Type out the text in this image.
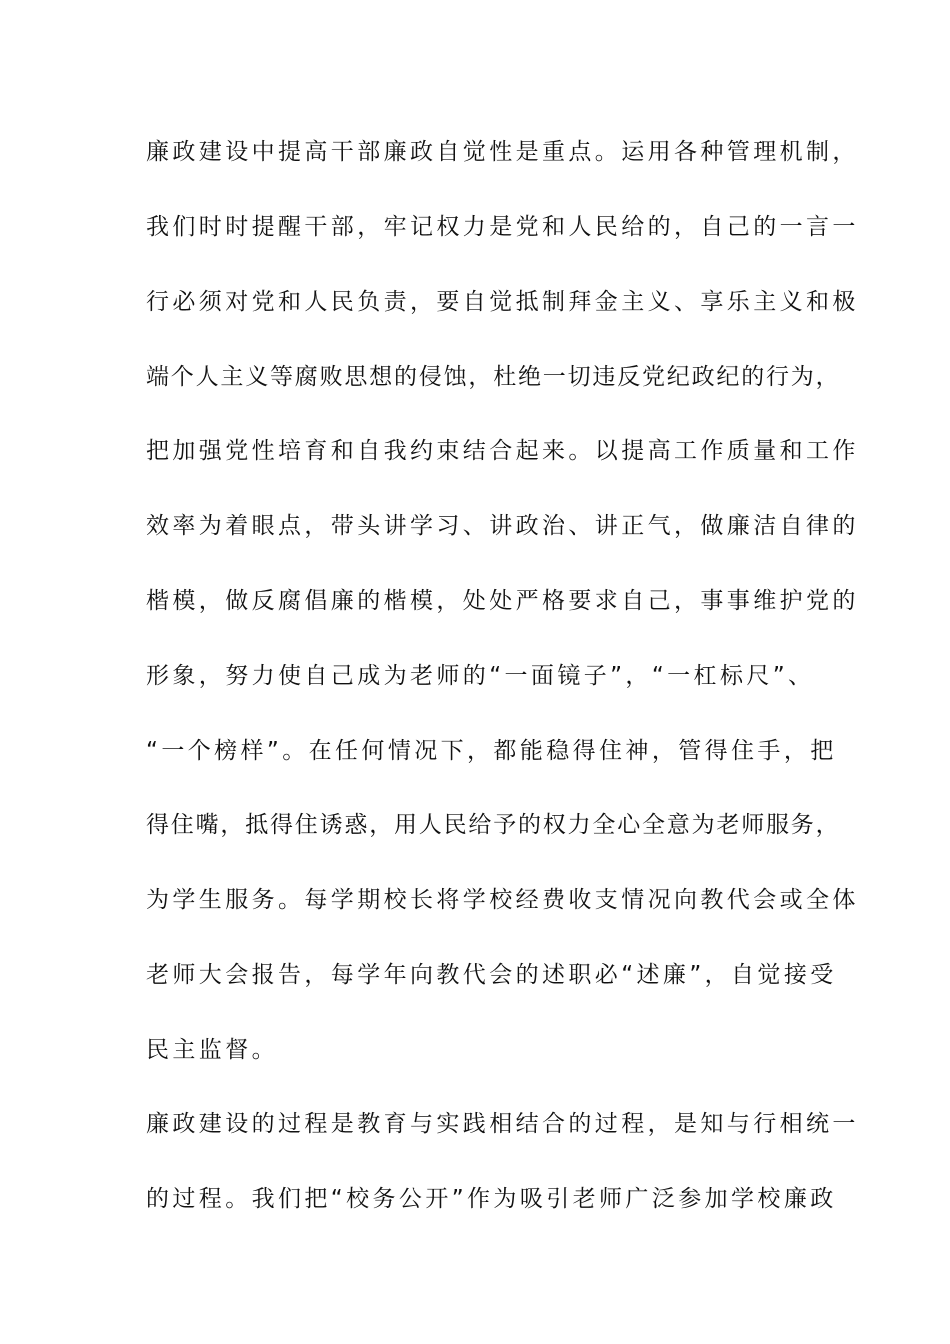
廉政建设中提高干部廉政自觉性是重点。运用各种管理机制，
我们时时提醒干部，牢记权力是党和人民给的，自己的一言一
行必须对党和人民负责，要自觉抵制拜金主义、享乐主义和极
端个人主义等腐败思想的侵蚀，杜绝一切违反党纪政纪的行为，
把加强党性培育和自我约束结合起来。以提高工作质量和工作
效率为着眼点，带头讲学习、讲政治、讲正气，做廉洁自律的
楷模，做反腐倡廉的楷模，处处严格要求自己，事事维护党的
形象，努力使自己成为老师的“一面镜子”，“一杠标尺”、
“一个榜样”。在任何情况下，都能稳得住神，管得住手，把
得住嘴，抵得住诱惑，用人民给予的权力全心全意为老师服务，
为学生服务。每学期校长将学校经费收支情况向教代会或全体
老师大会报告，每学年向教代会的述职必“述廉”，自觉接受
民主监督。
廉政建设的过程是教育与实践相结合的过程，是知与行相统一
的过程。我们把“校务公开”作为吸引老师广泛参加学校廉政
